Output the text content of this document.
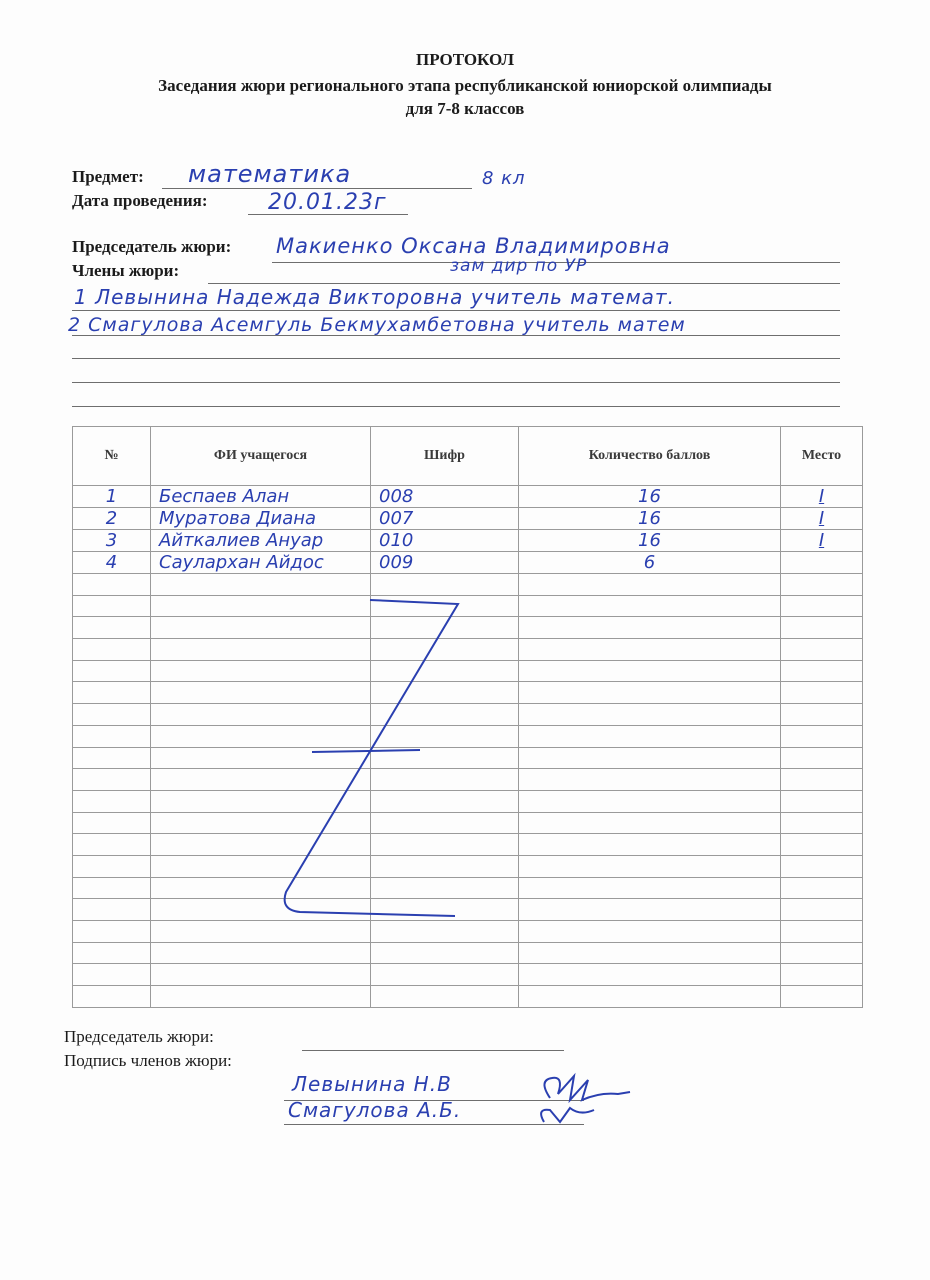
ПРОТОКОЛ
Заседания жюри регионального этапа республиканской юниорской олимпиады
для 7-8 классов
Предмет: математика	8 кл
Дата проведения:	20.01.23г
Председатель жюри: Макиенко Оксана Владимировна
Члены жюри:	зам дир по УР
1 Левынина Надежда Викторовна учитель математ.
2 Смагулова Асемгуль Бекмухамбетовна учитель матем
№	ФИ учащегося	Шифр	Количество баллов	Место
1	Беспаев Алан	008	16	I
2	Муратова Диана	007	16	I
3	Айткалиев Ануар	010	16	I
4	Саулархан Айдос	009	6	

Председатель жюри:
Подпись членов жюри:
Левынина Н.В
Смагулова А.Б.
